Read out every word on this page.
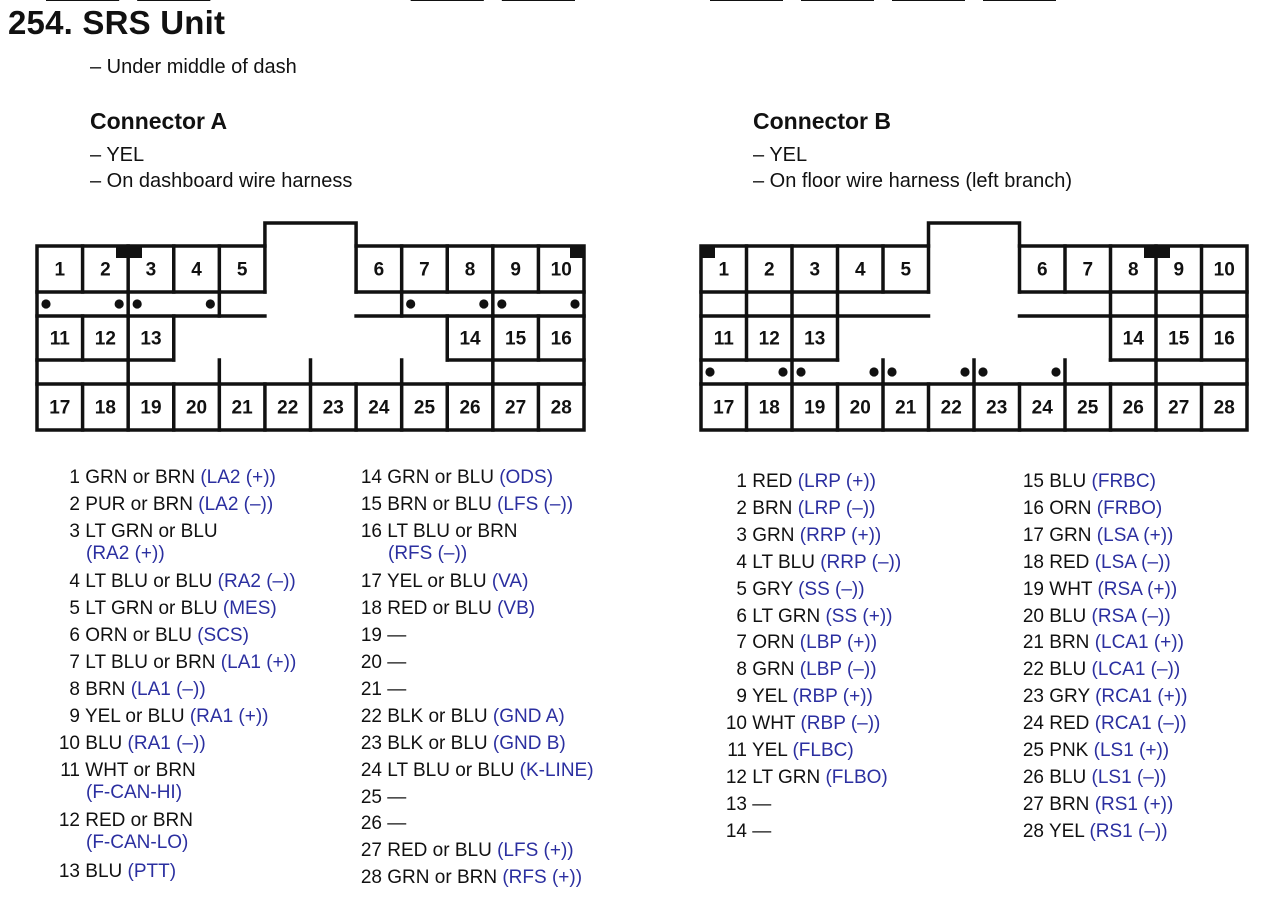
254. SRS Unit
– Under middle of dash
Connector A
– YEL
– On dashboard wire harness
Connector B
– YEL
– On floor wire harness (left branch)
1 2 3 4 5	6 7 8 9 10
11 12 13	14 15 16
17 18 19 20 21 22 23 24 25 26 27 28
1 2 3 4 5	6 7 8 9 10
11 12 13	14 15 16
17 18 19 20 21 22 23 24 25 26 27 28
1 GRN or BRN (LA2 (+))
2 PUR or BRN (LA2 (–))
3 LT GRN or BLU
(RA2 (+))
4 LT BLU or BLU (RA2 (–))
5 LT GRN or BLU (MES)
6 ORN or BLU (SCS)
7 LT BLU or BRN (LA1 (+))
8 BRN (LA1 (–))
9 YEL or BLU (RA1 (+))
10 BLU (RA1 (–))
11 WHT or BRN
(F-CAN-HI)
12 RED or BRN
(F-CAN-LO)
13 BLU (PTT)
14 GRN or BLU (ODS)
15 BRN or BLU (LFS (–))
16 LT BLU or BRN
(RFS (–))
17 YEL or BLU (VA)
18 RED or BLU (VB)
19 —
20 —
21 —
22 BLK or BLU (GND A)
23 BLK or BLU (GND B)
24 LT BLU or BLU (K-LINE)
25 —
26 —
27 RED or BLU (LFS (+))
28 GRN or BRN (RFS (+))
1 RED (LRP (+))
2 BRN (LRP (–))
3 GRN (RRP (+))
4 LT BLU (RRP (–))
5 GRY (SS (–))
6 LT GRN (SS (+))
7 ORN (LBP (+))
8 GRN (LBP (–))
9 YEL (RBP (+))
10 WHT (RBP (–))
11 YEL (FLBC)
12 LT GRN (FLBO)
13 —
14 —
15 BLU (FRBC)
16 ORN (FRBO)
17 GRN (LSA (+))
18 RED (LSA (–))
19 WHT (RSA (+))
20 BLU (RSA (–))
21 BRN (LCA1 (+))
22 BLU (LCA1 (–))
23 GRY (RCA1 (+))
24 RED (RCA1 (–))
25 PNK (LS1 (+))
26 BLU (LS1 (–))
27 BRN (RS1 (+))
28 YEL (RS1 (–))
